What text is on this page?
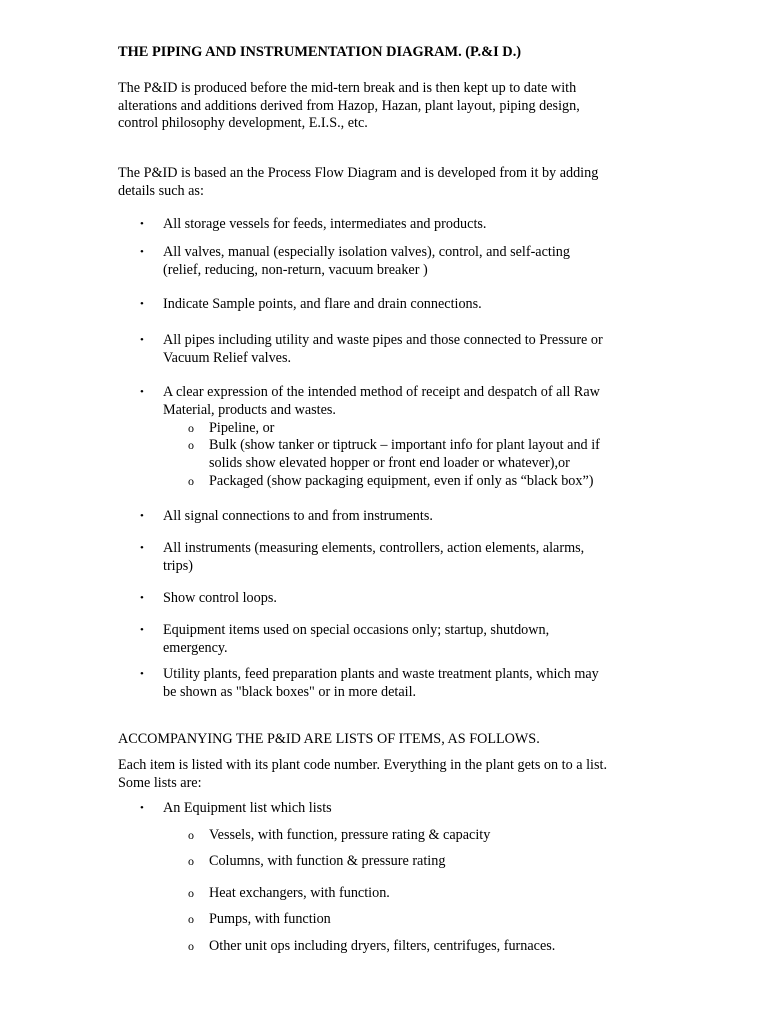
THE PIPING AND INSTRUMENTATION DIAGRAM. (P.&I D.)
The P&ID is produced before the mid-tern break and is then kept up to date with
alterations and additions derived from Hazop, Hazan, plant layout, piping design,
control philosophy development, E.I.S., etc.
The P&ID is based an the Process Flow Diagram and is developed from it by adding
details such as:
•	All storage vessels for feeds, intermediates and products.
•	All valves, manual (especially isolation valves), control, and self-acting
(relief, reducing, non-return, vacuum breaker )
•	Indicate Sample points, and flare and drain connections.
•	All pipes including utility and waste pipes and those connected to Pressure or
Vacuum Relief valves.
•	A clear expression of the intended method of receipt and despatch of all Raw
Material, products and wastes.
o	Pipeline, or
o	Bulk (show tanker or tiptruck – important info for plant layout and if
solids show elevated hopper or front end loader or whatever),or
o	Packaged (show packaging equipment, even if only as “black box”)
•	All signal connections to and from instruments.
•	All instruments (measuring elements, controllers, action elements, alarms,
trips)
•	Show control loops.
•	Equipment items used on special occasions only; startup, shutdown,
emergency.
•	Utility plants, feed preparation plants and waste treatment plants, which may
be shown as "black boxes" or in more detail.
ACCOMPANYING THE P&ID ARE LISTS OF ITEMS, AS FOLLOWS.
Each item is listed with its plant code number. Everything in the plant gets on to a list.
Some lists are:
•	An Equipment list which lists
o	Vessels, with function, pressure rating & capacity
o	Columns, with function & pressure rating
o	Heat exchangers, with function.
o	Pumps, with function
o	Other unit ops including dryers, filters, centrifuges, furnaces.
